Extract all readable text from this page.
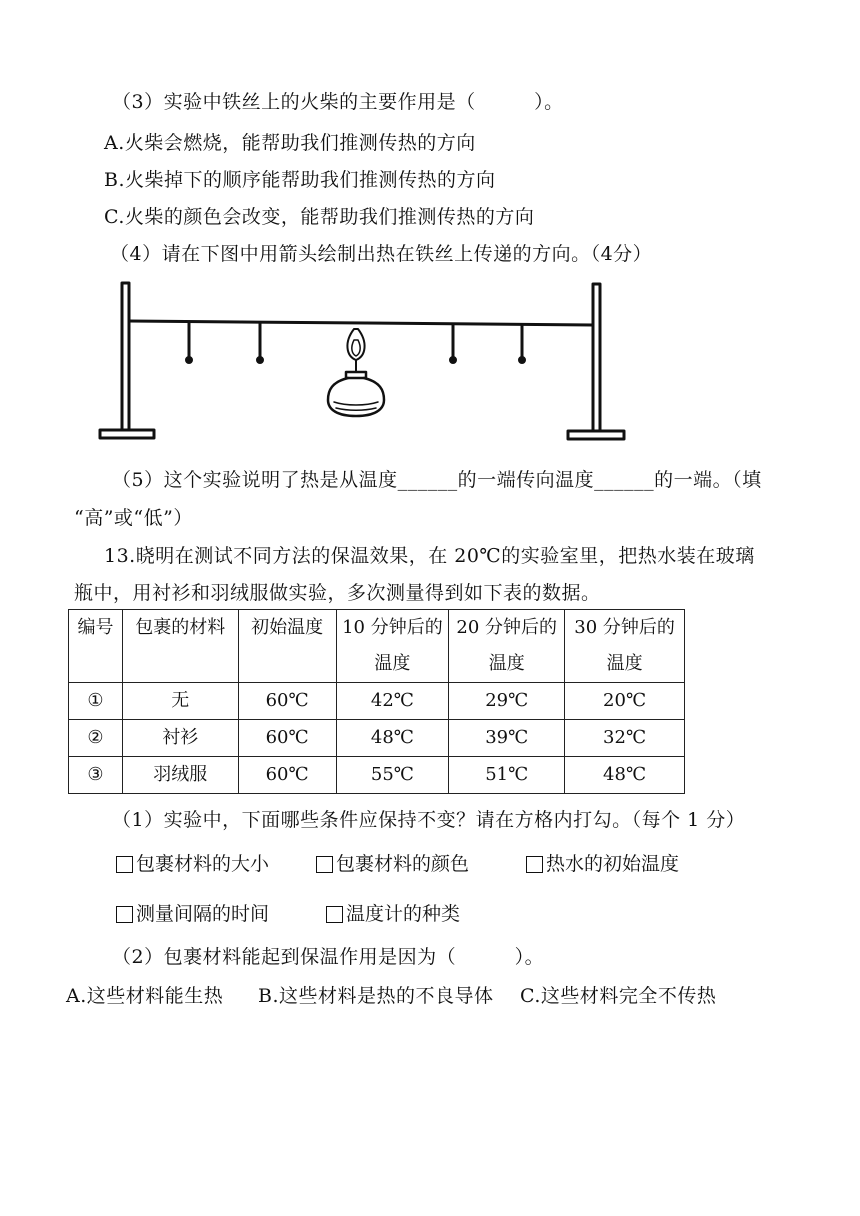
（3）实验中铁丝上的火柴的主要作用是（　　　）。
A.火柴会燃烧，能帮助我们推测传热的方向
B.火柴掉下的顺序能帮助我们推测传热的方向
C.火柴的颜色会改变，能帮助我们推测传热的方向
（4）请在下图中用箭头绘制出热在铁丝上传递的方向。（4分）
（5）这个实验说明了热是从温度______的一端传向温度______的一端。（填
“高”或“低”）
13.晓明在测试不同方法的保温效果，在 20℃的实验室里，把热水装在玻璃
瓶中，用衬衫和羽绒服做实验，多次测量得到如下表的数据。
编号	包裹的材料	初始温度	10 分钟后的	20 分钟后的	30 分钟后的
			温度	温度	温度
①	无	60℃	42℃	29℃	20℃
②	衬衫	60℃	48℃	39℃	32℃
③	羽绒服	60℃	55℃	51℃	48℃
（1）实验中，下面哪些条件应保持不变？请在方格内打勾。（每个 1 分）
包裹材料的大小	包裹材料的颜色	热水的初始温度
测量间隔的时间	温度计的种类
（2）包裹材料能起到保温作用是因为（　　　）。
A.这些材料能生热 B.这些材料是热的不良导体 C.这些材料完全不传热
